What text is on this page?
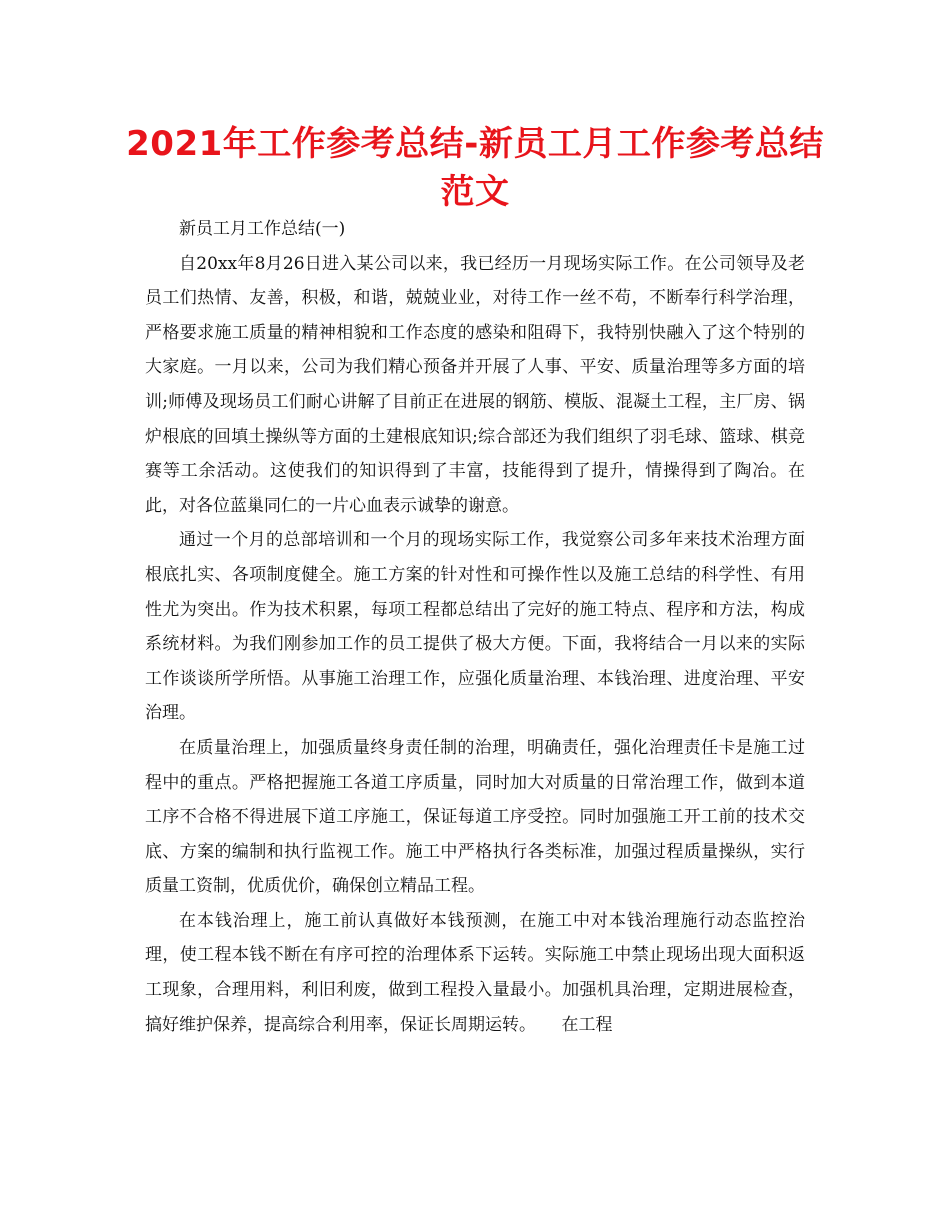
2021年工作参考总结-新员工月工作参考总结范文

新员工月工作总结(一)

自20xx年8月26日进入某公司以来，我已经历一月现场实际工作。在公司领导及老员工们热情、友善，积极，和谐，兢兢业业，对待工作一丝不苟，不断奉行科学治理，严格要求施工质量的精神相貌和工作态度的感染和阻碍下，我特别快融入了这个特别的大家庭。一月以来，公司为我们精心预备并开展了人事、平安、质量治理等多方面的培训;师傅及现场员工们耐心讲解了目前正在进展的钢筋、模版、混凝土工程，主厂房、锅炉根底的回填土操纵等方面的土建根底知识;综合部还为我们组织了羽毛球、篮球、棋竞赛等工余活动。这使我们的知识得到了丰富，技能得到了提升，情操得到了陶冶。在此，对各位蓝巢同仁的一片心血表示诚挚的谢意。

通过一个月的总部培训和一个月的现场实际工作，我觉察公司多年来技术治理方面根底扎实、各项制度健全。施工方案的针对性和可操作性以及施工总结的科学性、有用性尤为突出。作为技术积累，每项工程都总结出了完好的施工特点、程序和方法，构成系统材料。为我们刚参加工作的员工提供了极大方便。下面，我将结合一月以来的实际工作谈谈所学所悟。从事施工治理工作，应强化质量治理、本钱治理、进度治理、平安治理。

在质量治理上，加强质量终身责任制的治理，明确责任，强化治理责任卡是施工过程中的重点。严格把握施工各道工序质量，同时加大对质量的日常治理工作，做到本道工序不合格不得进展下道工序施工，保证每道工序受控。同时加强施工开工前的技术交底、方案的编制和执行监视工作。施工中严格执行各类标准，加强过程质量操纵，实行质量工资制，优质优价，确保创立精品工程。

在本钱治理上，施工前认真做好本钱预测，在施工中对本钱治理施行动态监控治理，使工程本钱不断在有序可控的治理体系下运转。实际施工中禁止现场出现大面积返工现象，合理用料，利旧利废，做到工程投入量最小。加强机具治理，定期进展检查，搞好维护保养，提高综合利用率，保证长周期运转。　　在工程
